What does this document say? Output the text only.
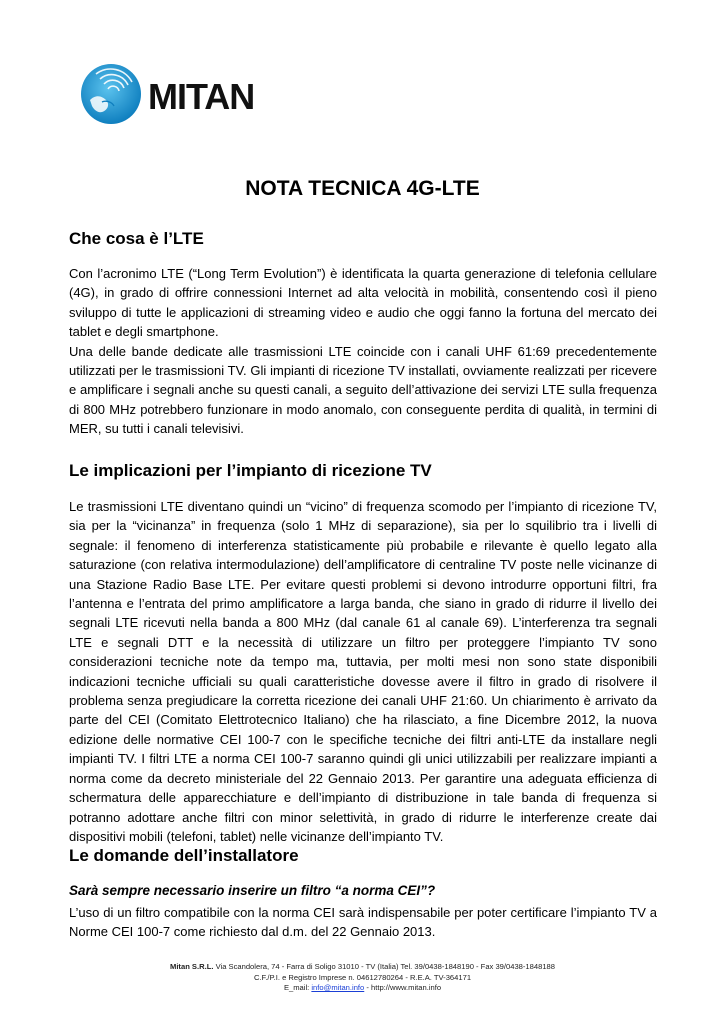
MITAN
NOTA TECNICA 4G-LTE
Che cosa è l’LTE

Con l’acronimo LTE (“Long Term Evolution”) è identificata la quarta generazione di telefonia cellulare (4G), in grado di offrire connessioni Internet ad alta velocità in mobilità, consentendo così il pieno sviluppo di tutte le applicazioni di streaming video e audio che oggi fanno la fortuna del mercato dei tablet e degli smartphone.

Una delle bande dedicate alle trasmissioni LTE coincide con i canali UHF 61:69 precedentemente utilizzati per le trasmissioni TV. Gli impianti di ricezione TV installati, ovviamente realizzati per ricevere e amplificare i segnali anche su questi canali, a seguito dell’attivazione dei servizi LTE sulla frequenza di 800 MHz potrebbero funzionare in modo anomalo, con conseguente perdita di qualità, in termini di MER, su tutti i canali televisivi.

Le implicazioni per l’impianto di ricezione TV

Le trasmissioni LTE diventano quindi un “vicino” di frequenza scomodo per l’impianto di ricezione TV, sia per la “vicinanza” in frequenza (solo 1 MHz di separazione), sia per lo squilibrio tra i livelli di segnale: il fenomeno di interferenza statisticamente più probabile e rilevante è quello legato alla saturazione (con relativa intermodulazione) dell’amplificatore di centraline TV poste nelle vicinanze di una Stazione Radio Base LTE. Per evitare questi problemi si devono introdurre opportuni filtri, fra l’antenna e l’entrata del primo amplificatore a larga banda, che siano in grado di ridurre il livello dei segnali LTE ricevuti nella banda a 800 MHz (dal canale 61 al canale 69). L’interferenza tra segnali LTE e segnali DTT e la necessità di utilizzare un filtro per proteggere l’impianto TV sono considerazioni tecniche note da tempo ma, tuttavia, per molti mesi non sono state disponibili indicazioni tecniche ufficiali su quali caratteristiche dovesse avere il filtro in grado di risolvere il problema senza pregiudicare la corretta ricezione dei canali UHF 21:60. Un chiarimento è arrivato da parte del CEI (Comitato Elettrotecnico Italiano) che ha rilasciato, a fine Dicembre 2012, la nuova edizione delle normative CEI 100-7 con le specifiche tecniche dei filtri anti-LTE da installare negli impianti TV. I filtri LTE a norma CEI 100-7 saranno quindi gli unici utilizzabili per realizzare impianti a norma come da decreto ministeriale del 22 Gennaio 2013. Per garantire una adeguata efficienza di schermatura delle apparecchiature e dell’impianto di distribuzione in tale banda di frequenza si potranno adottare anche filtri con minor selettività, in grado di ridurre le interferenze create dai dispositivi mobili (telefoni, tablet) nelle vicinanze dell’impianto TV.

Le domande dell’installatore
Sarà sempre necessario inserire un filtro “a norma CEI”?

L’uso di un filtro compatibile con la norma CEI sarà indispensabile per poter certificare l’impianto TV a Norme CEI 100-7 come richiesto dal d.m. del 22 Gennaio 2013.

Mitan S.R.L. Via Scandolera, 74 - Farra di Soligo 31010 - TV (Italia) Tel. 39/0438-1848190 - Fax 39/0438-1848188
C.F./P.I. e Registro Imprese n. 04612780264 - R.E.A. TV-364171
E_mail: info@mitan.info - http://www.mitan.info
